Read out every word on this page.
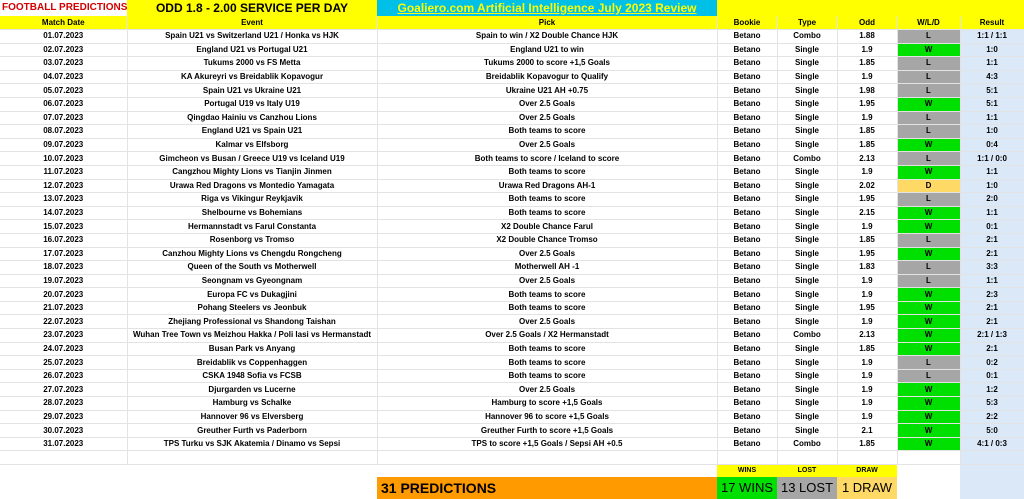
FOOTBALL PREDICTIONS	ODD 1.8 - 2.00 SERVICE PER DAY	Goaliero.com Artificial Intelligence July 2023 Review					
Match Date	Event	Pick	Bookie	Type	Odd	W/L/D	Result
01.07.2023	Spain U21 vs Switzerland U21 / Honka vs HJK	Spain to win / X2 Double Chance HJK	Betano	Combo	1.88	L	1:1 / 1:1
02.07.2023	England U21 vs Portugal U21	England U21 to win	Betano	Single	1.9	W	1:0
03.07.2023	Tukums 2000 vs FS Metta	Tukums 2000 to score +1,5 Goals	Betano	Single	1.85	L	1:1
04.07.2023	KA Akureyri vs Breidablik Kopavogur	Breidablik Kopavogur to Qualify	Betano	Single	1.9	L	4:3
05.07.2023	Spain U21 vs Ukraine U21	Ukraine U21 AH +0.75	Betano	Single	1.98	L	5:1
06.07.2023	Portugal U19 vs Italy U19	Over 2.5 Goals	Betano	Single	1.95	W	5:1
07.07.2023	Qingdao Hainiu vs Canzhou Lions	Over 2.5 Goals	Betano	Single	1.9	L	1:1
08.07.2023	England U21 vs Spain U21	Both teams to score	Betano	Single	1.85	L	1:0
09.07.2023	Kalmar vs Elfsborg	Over 2.5 Goals	Betano	Single	1.85	W	0:4
10.07.2023	Gimcheon vs Busan / Greece U19 vs Iceland U19	Both teams to score / Iceland to score	Betano	Combo	2.13	L	1:1 / 0:0
11.07.2023	Cangzhou Mighty Lions vs Tianjin Jinmen	Both teams to score	Betano	Single	1.9	W	1:1
12.07.2023	Urawa Red Dragons vs Montedio Yamagata	Urawa Red Dragons AH-1	Betano	Single	2.02	D	1:0
13.07.2023	Riga vs Vikingur Reykjavik	Both teams to score	Betano	Single	1.95	L	2:0
14.07.2023	Shelbourne vs Bohemians	Both teams to score	Betano	Single	2.15	W	1:1
15.07.2023	Hermannstadt vs Farul Constanta	X2 Double Chance Farul	Betano	Single	1.9	W	0:1
16.07.2023	Rosenborg vs Tromso	X2 Double Chance Tromso	Betano	Single	1.85	L	2:1
17.07.2023	Canzhou Mighty Lions vs Chengdu Rongcheng	Over 2.5 Goals	Betano	Single	1.95	W	2:1
18.07.2023	Queen of the South vs Motherwell	Motherwell AH -1	Betano	Single	1.83	L	3:3
19.07.2023	Seongnam vs Gyeongnam	Over 2.5 Goals	Betano	Single	1.9	L	1:1
20.07.2023	Europa FC vs Dukagjini	Both teams to score	Betano	Single	1.9	W	2:3
21.07.2023	Pohang Steelers vs Jeonbuk	Both teams to score	Betano	Single	1.95	W	2:1
22.07.2023	Zhejiang Professional vs Shandong Taishan	Over 2.5 Goals	Betano	Single	1.9	W	2:1
23.07.2023	Wuhan Tree Town vs Meizhou Hakka / Poli Iasi vs Hermanstadt	Over 2.5 Goals / X2 Hermanstadt	Betano	Combo	2.13	W	2:1 / 1:3
24.07.2023	Busan Park vs Anyang	Both teams to score	Betano	Single	1.85	W	2:1
25.07.2023	Breidablik vs Coppenhaggen	Both teams to score	Betano	Single	1.9	L	0:2
26.07.2023	CSKA 1948 Sofia vs FCSB	Both teams to score	Betano	Single	1.9	L	0:1
27.07.2023	Djurgarden vs Lucerne	Over 2.5 Goals	Betano	Single	1.9	W	1:2
28.07.2023	Hamburg vs Schalke	Hamburg to score +1,5 Goals	Betano	Single	1.9	W	5:3
29.07.2023	Hannover 96 vs Elversberg	Hannover 96 to score +1,5 Goals	Betano	Single	1.9	W	2:2
30.07.2023	Greuther Furth vs Paderborn	Greuther Furth to score +1,5 Goals	Betano	Single	2.1	W	5:0
31.07.2023	TPS Turku vs SJK Akatemia / Dinamo vs Sepsi	TPS to score +1,5 Goals / Sepsi AH +0.5	Betano	Combo	1.85	W	4:1 / 0:3

			WINS	LOST	DRAW		
		31 PREDICTIONS	17 WINS	13 LOST	1 DRAW		
